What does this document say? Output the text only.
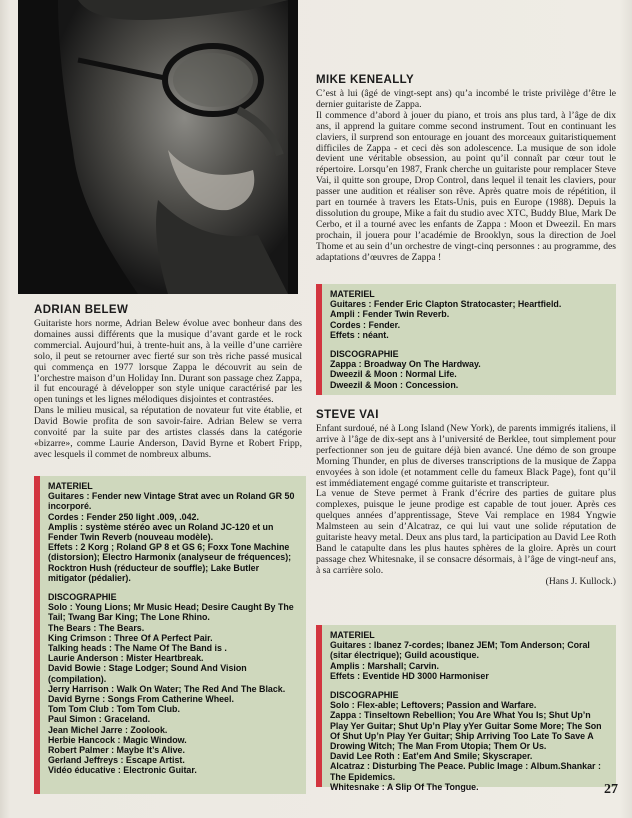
MIKE KENEALLY

C’est à lui (âgé de vingt-sept ans) qu’a incombé le triste privilège d’être le dernier guitariste de Zappa.

Il commence d’abord à jouer du piano, et trois ans plus tard, à l’âge de dix ans, il apprend la guitare comme second instrument. Tout en continuant les claviers, il surprend son entourage en jouant des morceaux guitaristiquement difficiles de Zappa - et ceci dès son adolescence. La musique de son idole devient une véritable obsession, au point qu’il connaît par cœur tout le répertoire. Lorsqu’en 1987, Frank cherche un guitariste pour remplacer Steve Vai, il quitte son groupe, Drop Control, dans lequel il tenait les claviers, pour passer une audition et réaliser son rêve. Après quatre mois de répétition, il part en tournée à travers les Etats-Unis, puis en Europe (1988). Depuis la dissolution du groupe, Mike a fait du studio avec XTC, Buddy Blue, Mark De Cerbo, et il a tourné avec les enfants de Zappa : Moon et Dweezil. En mars prochain, il jouera pour l’académie de Brooklyn, sous la direction de Joel Thome et au sein d’un orchestre de vingt-cinq personnes : au programme, des adaptations d’œuvres de Zappa !

MATERIEL
Guitares : Fender Eric Clapton Stratocaster; Heartfield.
Ampli : Fender Twin Reverb.
Cordes : Fender.
Effets : néant.
DISCOGRAPHIE
Zappa : Broadway On The Hardway.
Dweezil & Moon : Normal Life.
Dweezil & Moon : Concession.
ADRIAN BELEW

Guitariste hors norme, Adrian Belew évolue avec bonheur dans des domaines aussi différents que la musique d’avant garde et le rock commercial. Aujourd’hui, à trente-huit ans, à la veille d’une carrière solo, il peut se retourner avec fierté sur son très riche passé musical qui commença en 1977 lorsque Zappa le découvrit au sein de l’orchestre maison d’un Holiday Inn. Durant son passage chez Zappa, il fut encouragé à développer son style unique caractérisé par les open tunings et les lignes mélodiques disjointes et contrastées.

Dans le milieu musical, sa réputation de novateur fut vite établie, et David Bowie profita de son savoir-faire. Adrian Belew se verra convoité par la suite par des artistes classés dans la catégorie «bizarre», comme Laurie Anderson, David Byrne et Robert Fripp, avec lesquels il commet de nombreux albums.

MATERIEL
Guitares : Fender new Vintage Strat avec un Roland GR 50 incorporé.
Cordes : Fender 250 light .009, .042.
Amplis : système stéréo avec un Roland JC-120 et un Fender Twin Reverb (nouveau modèle).
Effets : 2 Korg ; Roland GP 8 et GS 6; Foxx Tone Machine (distorsion); Electro Harmonix (analyseur de fréquences); Rocktron Hush (réducteur de souffle); Lake Butler mitigator (pédalier).
DISCOGRAPHIE
Solo : Young Lions; Mr Music Head; Desire Caught By The Tail; Twang Bar King; The Lone Rhino.
The Bears : The Bears.
King Crimson : Three Of A Perfect Pair.
Talking heads : The Name Of The Band is .
Laurie Anderson : Mister Heartbreak.
David Bowie : Stage Lodger; Sound And Vision (compilation).
Jerry Harrison : Walk On Water; The Red And The Black.
David Byrne : Songs From Catherine Wheel.
Tom Tom Club : Tom Tom Club.
Paul Simon : Graceland.
Jean Michel Jarre : Zoolook.
Herbie Hancock : Magic Window.
Robert Palmer : Maybe It’s Alive.
Gerland Jeffreys : Escape Artist.
Vidéo éducative : Electronic Guitar.
STEVE VAI

Enfant surdoué, né à Long Island (New York), de parents immigrés italiens, il arrive à l’âge de dix-sept ans à l’université de Berklee, tout simplement pour perfectionner son jeu de guitare déjà bien avancé. Une démo de son groupe Morning Thunder, en plus de diverses transcriptions de la musique de Zappa envoyées à son idole (et notamment celle du fameux Black Page), font qu’il est immédiatement engagé comme guitariste et transcripteur.

La venue de Steve permet à Frank d’écrire des parties de guitare plus complexes, puisque le jeune prodige est capable de tout jouer. Après ces quelques années d’apprentissage, Steve Vai remplace en 1984 Yngwie Malmsteen au sein d’Alcatraz, ce qui lui vaut une solide réputation de guitariste heavy metal. Deux ans plus tard, la participation au David Lee Roth Band le catapulte dans les plus hautes sphères de la gloire. Après un court passage chez Whitesnake, il se consacre désormais, à l’âge de vingt-neuf ans, à sa carrière solo.

(Hans J. Kullock.)

MATERIEL
Guitares : Ibanez 7-cordes; Ibanez JEM; Tom Anderson; Coral (sitar électrique); Guild acoustique.
Amplis : Marshall; Carvin.
Effets : Eventide HD 3000 Harmoniser
DISCOGRAPHIE
Solo : Flex-able; Leftovers; Passion and Warfare.
Zappa : Tinseltown Rebellion; You Are What You Is; Shut Up’n Play Yer Guitar; Shut Up’n Play yYer Guitar Some More; The Son Of Shut Up’n Play Yer Guitar; Ship Arriving Too Late To Save A Drowing Witch; The Man From Utopia; Them Or Us.
David Lee Roth : Eat’em And Smile; Skyscraper.
Alcatraz : Disturbing The Peace. Public Image : Album.Shankar : The Epidemics.
Whitesnake : A Slip Of The Tongue.	27
